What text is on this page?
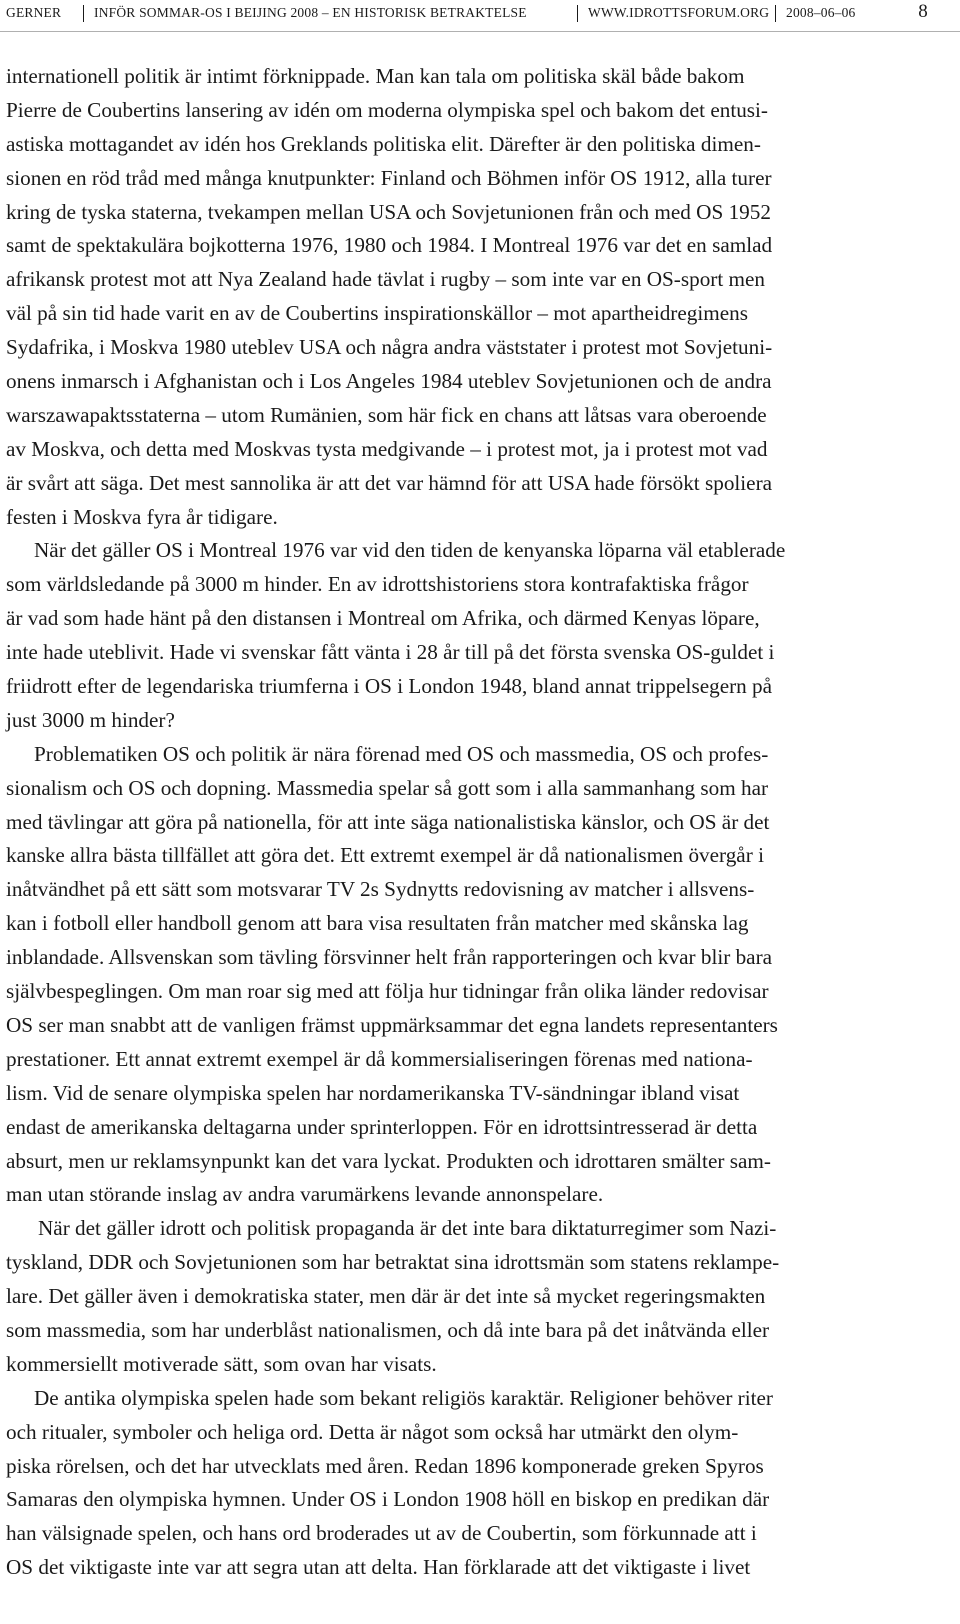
GERNER INFÖR SOMMAR-OS I BEIJING 2008 – EN HISTORISK BETRAKTELSE	WWW.IDROTTSFORUM.ORG 2008–06–06	8
internationell politik är intimt förknippade. Man kan tala om politiska skäl både bakom
Pierre de Coubertins lansering av idén om moderna olympiska spel och bakom det entusi-
astiska mottagandet av idén hos Greklands politiska elit. Därefter är den politiska dimen-
sionen en röd tråd med många knutpunkter: Finland och Böhmen inför OS 1912, alla turer
kring de tyska staterna, tvekampen mellan USA och Sovjetunionen från och med OS 1952
samt de spektakulära bojkotterna 1976, 1980 och 1984. I Montreal 1976 var det en samlad
afrikansk protest mot att Nya Zealand hade tävlat i rugby – som inte var en OS-sport men
väl på sin tid hade varit en av de Coubertins inspirationskällor – mot apartheidregimens
Sydafrika, i Moskva 1980 uteblev USA och några andra väststater i protest mot Sovjetuni-
onens inmarsch i Afghanistan och i Los Angeles 1984 uteblev Sovjetunionen och de andra
warszawapaktsstaterna – utom Rumänien, som här fick en chans att låtsas vara oberoende
av Moskva, och detta med Moskvas tysta medgivande – i protest mot, ja i protest mot vad
är svårt att säga. Det mest sannolika är att det var hämnd för att USA hade försökt spoliera
festen i Moskva fyra år tidigare.
När det gäller OS i Montreal 1976 var vid den tiden de kenyanska löparna väl etablerade
som världsledande på 3000 m hinder. En av idrottshistoriens stora kontrafaktiska frågor
är vad som hade hänt på den distansen i Montreal om Afrika, och därmed Kenyas löpare,
inte hade uteblivit. Hade vi svenskar fått vänta i 28 år till på det första svenska OS-guldet i
friidrott efter de legendariska triumferna i OS i London 1948, bland annat trippelsegern på
just 3000 m hinder?
Problematiken OS och politik är nära förenad med OS och massmedia, OS och profes-
sionalism och OS och dopning. Massmedia spelar så gott som i alla sammanhang som har
med tävlingar att göra på nationella, för att inte säga nationalistiska känslor, och OS är det
kanske allra bästa tillfället att göra det. Ett extremt exempel är då nationalismen övergår i
inåtvändhet på ett sätt som motsvarar TV 2s Sydnytts redovisning av matcher i allsvens-
kan i fotboll eller handboll genom att bara visa resultaten från matcher med skånska lag
inblandade. Allsvenskan som tävling försvinner helt från rapporteringen och kvar blir bara
självbespeglingen. Om man roar sig med att följa hur tidningar från olika länder redovisar
OS ser man snabbt att de vanligen främst uppmärksammar det egna landets representanters
prestationer. Ett annat extremt exempel är då kommersialiseringen förenas med nationa-
lism. Vid de senare olympiska spelen har nordamerikanska TV-sändningar ibland visat
endast de amerikanska deltagarna under sprinterloppen. För en idrottsintresserad är detta
absurt, men ur reklamsynpunkt kan det vara lyckat. Produkten och idrottaren smälter sam-
man utan störande inslag av andra varumärkens levande annonspelare.
När det gäller idrott och politisk propaganda är det inte bara diktaturregimer som Nazi-
tyskland, DDR och Sovjetunionen som har betraktat sina idrottsmän som statens reklampe-
lare. Det gäller även i demokratiska stater, men där är det inte så mycket regeringsmakten
som massmedia, som har underblåst nationalismen, och då inte bara på det inåtvända eller
kommersiellt motiverade sätt, som ovan har visats.
De antika olympiska spelen hade som bekant religiös karaktär. Religioner behöver riter
och ritualer, symboler och heliga ord. Detta är något som också har utmärkt den olym-
piska rörelsen, och det har utvecklats med åren. Redan 1896 komponerade greken Spyros
Samaras den olympiska hymnen. Under OS i London 1908 höll en biskop en predikan där
han välsignade spelen, och hans ord broderades ut av de Coubertin, som förkunnade att i
OS det viktigaste inte var att segra utan att delta. Han förklarade att det viktigaste i livet
